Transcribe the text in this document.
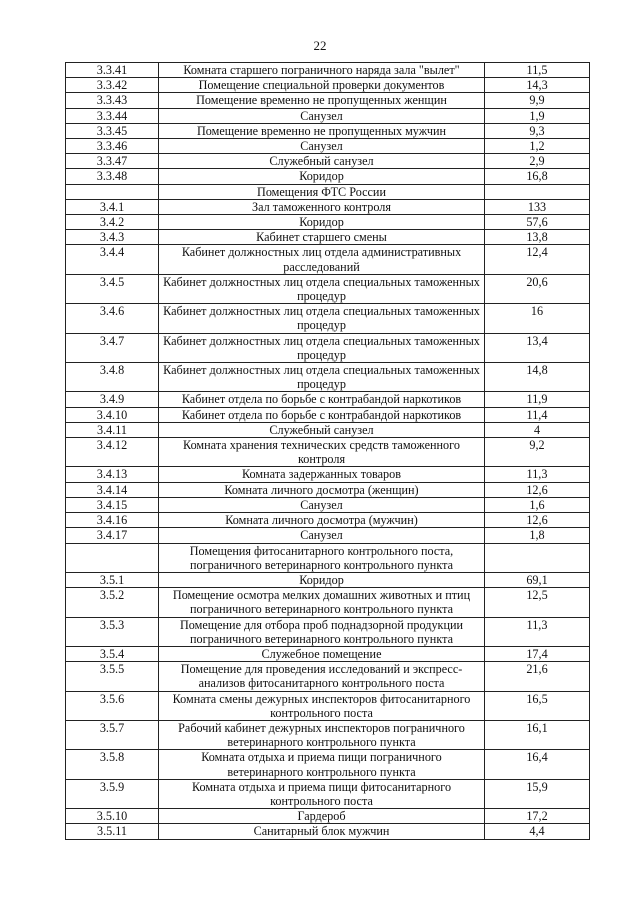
22
3.3.41	Комната старшего пограничного наряда зала "вылет"	11,5
3.3.42	Помещение специальной проверки документов	14,3
3.3.43	Помещение временно не пропущенных женщин	9,9
3.3.44	Санузел	1,9
3.3.45	Помещение временно не пропущенных мужчин	9,3
3.3.46	Санузел	1,2
3.3.47	Служебный санузел	2,9
3.3.48	Коридор	16,8
	Помещения ФТС России	
3.4.1	Зал таможенного контроля	133
3.4.2	Коридор	57,6
3.4.3	Кабинет старшего смены	13,8
3.4.4	Кабинет должностных лиц отдела административных расследований	12,4
3.4.5	Кабинет должностных лиц отдела специальных таможенных процедур	20,6
3.4.6	Кабинет должностных лиц отдела специальных таможенных процедур	16
3.4.7	Кабинет должностных лиц отдела специальных таможенных процедур	13,4
3.4.8	Кабинет должностных лиц отдела специальных таможенных процедур	14,8
3.4.9	Кабинет отдела по борьбе с контрабандой наркотиков	11,9
3.4.10	Кабинет отдела по борьбе с контрабандой наркотиков	11,4
3.4.11	Служебный санузел	4
3.4.12	Комната хранения технических средств таможенного контроля	9,2
3.4.13	Комната задержанных товаров	11,3
3.4.14	Комната личного досмотра (женщин)	12,6
3.4.15	Санузел	1,6
3.4.16	Комната личного досмотра (мужчин)	12,6
3.4.17	Санузел	1,8
	Помещения фитосанитарного контрольного поста, пограничного ветеринарного контрольного пункта	
3.5.1	Коридор	69,1
3.5.2	Помещение осмотра мелких домашних животных и птиц пограничного ветеринарного контрольного пункта	12,5
3.5.3	Помещение для отбора проб поднадзорной продукции пограничного ветеринарного контрольного пункта	11,3
3.5.4	Служебное помещение	17,4
3.5.5	Помещение для проведения исследований и экспресс-анализов фитосанитарного контрольного поста	21,6
3.5.6	Комната смены дежурных инспекторов фитосанитарного контрольного поста	16,5
3.5.7	Рабочий кабинет дежурных инспекторов пограничного ветеринарного контрольного пункта	16,1
3.5.8	Комната отдыха и приема пищи пограничного ветеринарного контрольного пункта	16,4
3.5.9	Комната отдыха и приема пищи фитосанитарного контрольного поста	15,9
3.5.10	Гардероб	17,2
3.5.11	Санитарный блок мужчин	4,4
